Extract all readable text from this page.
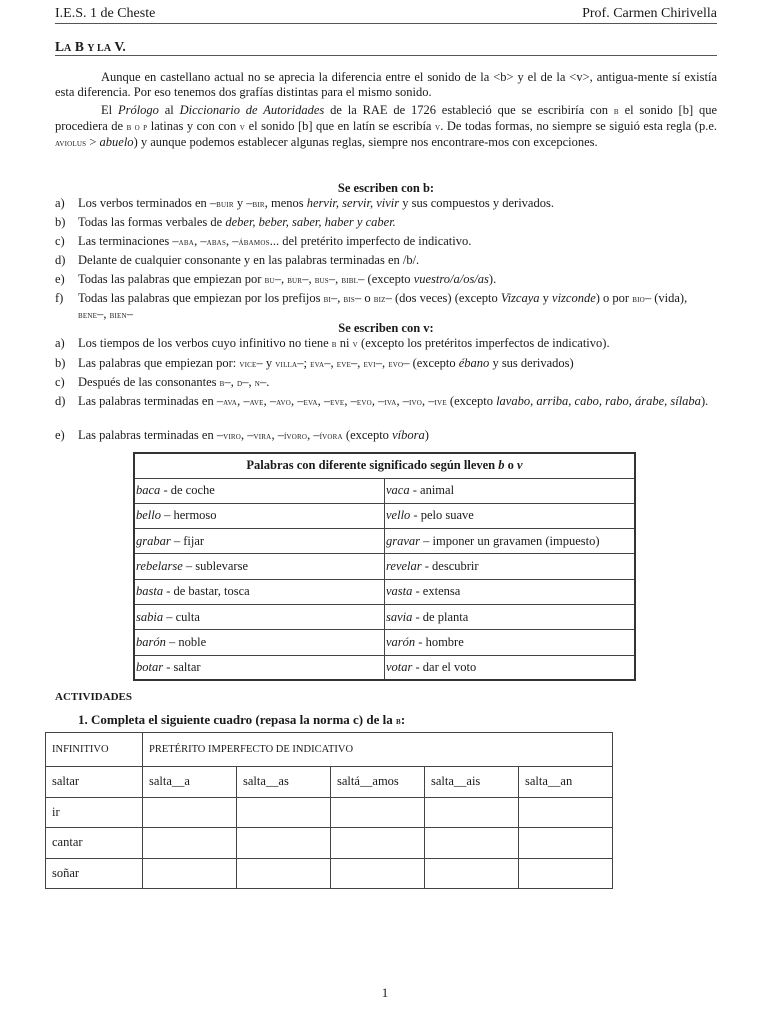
I.E.S. 1 de Cheste	Prof. Carmen Chirivella
LA B Y LA V.

Aunque en castellano actual no se aprecia la diferencia entre el sonido de la <b> y el de la <v>, antigua-mente sí existía esta diferencia. Por eso tenemos dos grafías distintas para el mismo sonido.

El Prólogo al Diccionario de Autoridades de la RAE de 1726 estableció que se escribiría con b el sonido [b] que procediera de b o p latinas y con con v el sonido [b] que en latín se escribía v. De todas formas, no siempre se siguió esta regla (p.e. aviolus > abuelo) y aunque podemos establecer algunas reglas, siempre nos encontrare-mos con excepciones.

Se escriben con b:
a)	Los verbos terminados en –buir y –bir, menos hervir, servir, vivir y sus compuestos y derivados.
b)	Todas las formas verbales de deber, beber, saber, haber y caber.
c)	Las terminaciones –aba, –abas, –ábamos... del pretérito imperfecto de indicativo.
d)	Delante de cualquier consonante y en las palabras terminadas en /b/.
e)	Todas las palabras que empiezan por bu–, bur–, bus–, bibl– (excepto vuestro/a/os/as).
f)	Todas las palabras que empiezan por los prefijos bi–, bis– o biz– (dos veces) (excepto Vizcaya y vizconde) o por bio– (vida), bene–, bien–
Se escriben con v:
a)	Los tiempos de los verbos cuyo infinitivo no tiene b ni v (excepto los pretéritos imperfectos de indicativo).
b)	Las palabras que empiezan por: vice– y villa–; eva–, eve–, evi–, evo– (excepto ébano y sus derivados)
c)	Después de las consonantes b–, d–, n–.
d)	Las palabras terminadas en –ava, –ave, –avo, –eva, –eve, –evo, –iva, –ivo, –ive (excepto lavabo, arriba, cabo, rabo, árabe, sílaba).
e)	Las palabras terminadas en –viro, –vira, –ívoro, –ívora (excepto víbora)
Palabras con diferente significado según lleven b o v	
baca - de coche	vaca - animal
bello – hermoso	vello - pelo suave
grabar – fijar	gravar – imponer un gravamen (impuesto)
rebelarse – sublevarse	revelar - descubrir
basta - de bastar, tosca	vasta - extensa
sabia – culta	savia - de planta
barón – noble	varón - hombre
botar - saltar	votar - dar el voto
ACTIVIDADES
1. Completa el siguiente cuadro (repasa la norma c) de la b:
INFINITIVO	PRETÉRITO IMPERFECTO DE INDICATIVO				
saltar	salta__a	salta__as	saltá__amos	salta__ais	salta__an
ir					
cantar					
soñar					
1
